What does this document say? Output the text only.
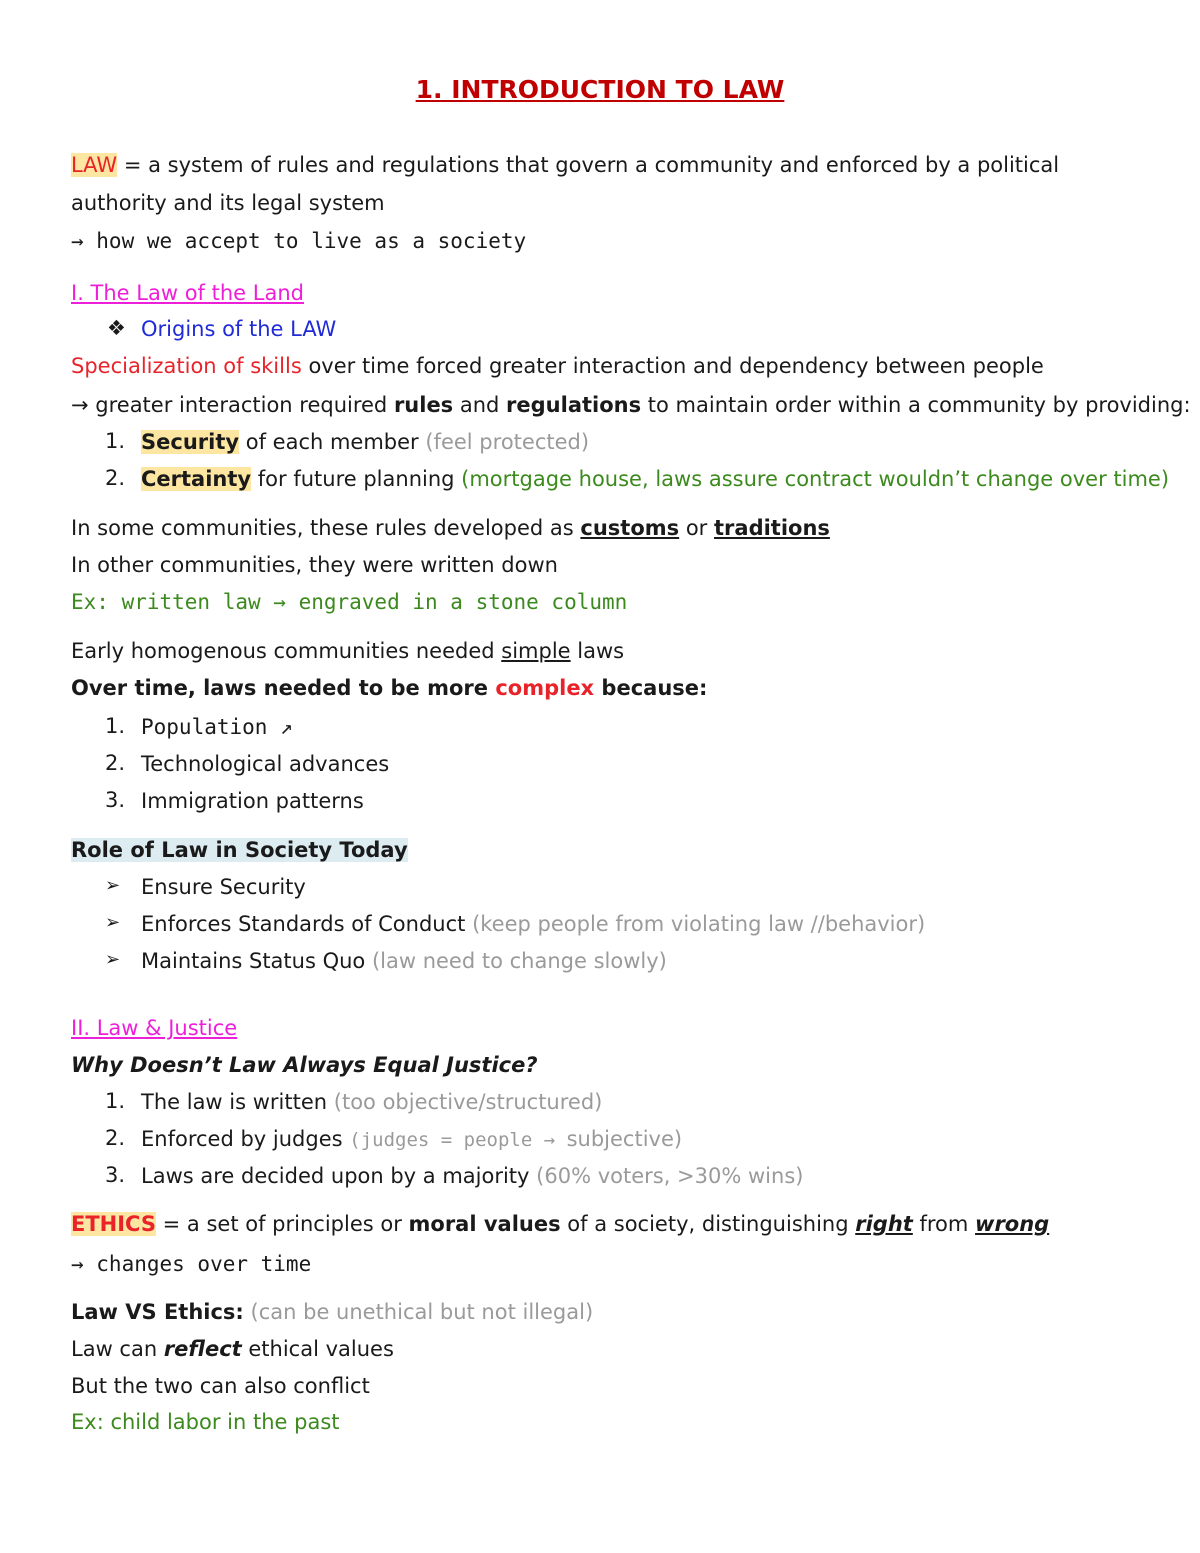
1. INTRODUCTION TO LAW
LAW = a system of rules and regulations that govern a community and enforced by a political
authority and its legal system
→ how we accept to live as a society
I. The Law of the Land
❖ Origins of the LAW
Specialization of skills over time forced greater interaction and dependency between people
→ greater interaction required rules and regulations to maintain order within a community by providing:
1. Security of each member (feel protected)
2. Certainty for future planning (mortgage house, laws assure contract wouldn’t change over time)
In some communities, these rules developed as customs or traditions
In other communities, they were written down
Ex: written law → engraved in a stone column
Early homogenous communities needed simple laws
Over time, laws needed to be more complex because:
1. Population ↗
2. Technological advances
3. Immigration patterns
Role of Law in Society Today
➢ Ensure Security
➢ Enforces Standards of Conduct (keep people from violating law //behavior)
➢ Maintains Status Quo (law need to change slowly)
II. Law & Justice
Why Doesn’t Law Always Equal Justice?
1. The law is written (too objective/structured)
2. Enforced by judges (judges = people → subjective)
3. Laws are decided upon by a majority (60% voters, >30% wins)
ETHICS = a set of principles or moral values of a society, distinguishing right from wrong
→ changes over time
Law VS Ethics: (can be unethical but not illegal)
Law can reflect ethical values
But the two can also conflict
Ex: child labor in the past
